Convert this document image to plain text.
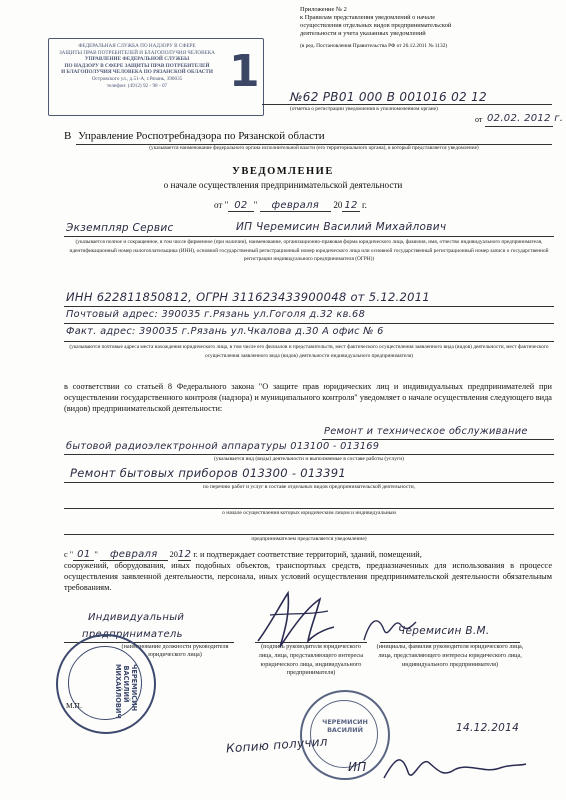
ФЕДЕРАЛЬНАЯ СЛУЖБА ПО НАДЗОРУ В СФЕРЕ
ЗАЩИТЫ ПРАВ ПОТРЕБИТЕЛЕЙ И БЛАГОПОЛУЧИЯ ЧЕЛОВЕКА
УПРАВЛЕНИЕ ФЕДЕРАЛЬНОЙ СЛУЖБЫ
ПО НАДЗОРУ В СФЕРЕ ЗАЩИТЫ ПРАВ ПОТРЕБИТЕЛЕЙ
И БЛАГОПОЛУЧИЯ ЧЕЛОВЕКА ПО РЯЗАНСКОЙ ОБЛАСТИ
Островского ул., д.51-А, г.Рязань, 390035
телефон: (4912) 92 - 98 - 07	1
Приложение № 2
к Правилам представления уведомлений о начале
осуществления отдельных видов предпринимательской
деятельности и учета указанных уведомлений
(в ред. Постановления Правительства РФ от 26.12.2011 № 1132)
№62 РВ01 000 В 001016 02 12
(отметка о регистрации уведомления в уполномоченном органе)
от 02.02. 2012 г.
В Управление Роспотребнадзора по Рязанской области
(указывается наименование федерального органа исполнительной власти (его территориального органа), в который представляется уведомление)
УВЕДОМЛЕНИЕ
о начале осуществления предпринимательской деятельности
от " 02 " февраля 20 12 г.
Экземпляр Сервис	ИП Черемисин Василий Михайлович
(указывается полное и сокращенное, в том числе фирменное (при наличии), наименование, организационно-правовая форма юридического лица, фамилия, имя, отчество индивидуального предпринимателя, идентификационный номер налогоплательщика (ИНН), основной государственный регистрационный номер юридического лица или основной государственный регистрационный номер записи о государственной регистрации индивидуального предпринимателя (ОГРН))
ИНН 622811850812, ОГРН 311623433900048 от 5.12.2011
Почтовый адрес: 390035 г.Рязань ул.Гоголя д.32 кв.68
Факт. адрес: 390035 г.Рязань ул.Чкалова д.30 А офис № 6
(указываются почтовые адреса места нахождения юридического лица, в том числе его филиалов и представительств, мест фактического осуществления заявленного вида (видов) деятельности, мест фактического осуществления заявленного вида (видов) деятельности индивидуального предпринимателя)
в соответствии со статьей 8 Федерального закона "О защите прав юридических лиц и индивидуальных предпринимателей при осуществлении государственного контроля (надзора) и муниципального контроля" уведомляет о начале осуществления следующего вида (видов) предпринимательской деятельности:
Ремонт и техническое обслуживание
бытовой радиоэлектронной аппаратуры 013100 - 013169
(указывается вид (виды) деятельности и выполняемые в составе работы (услуги)
Ремонт бытовых приборов 013300 - 013391
по перечню работ и услуг в составе отдельных видов предпринимательской деятельности,
о начале осуществления которых юридическим лицом и индивидуальным
предпринимателем представляется уведомление)
с " 01 " февраля 2012 г. и подтверждает соответствие территорий, зданий, помещений,
сооружений, оборудования, иных подобных объектов, транспортных средств, предназначенных для использования в процессе осуществления заявленной деятельности, персонала, иных условий осуществления предпринимательской деятельности обязательным требованиям.
Индивидуальный
предприниматель
(наименование должности руководителя юридического лица)
(подпись руководителя юридического лица, лица, представляющего интересы юридического лица, индивидуального предпринимателя)
Черемисин В.М.
(инициалы, фамилия руководителя юридического лица, лица, представляющего интересы юридического лица, индивидуального предпринимателя)
М.П.	ЧЕРЕМИСИН
ВАСИЛИЙ
МИХАЙЛОВИЧ
ЧЕРЕМИСИН
ВАСИЛИЙ	14.12.2014
Копию получил
ИП
